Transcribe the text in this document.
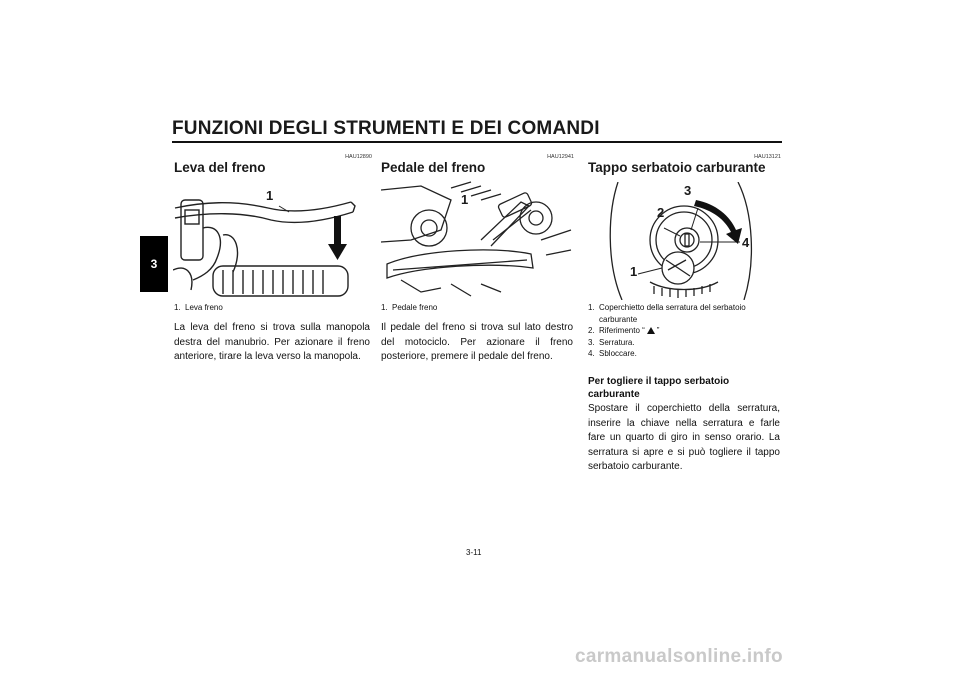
FUNZIONI DEGLI STRUMENTI E DEI COMANDI
3
HAU12890
Leva del freno
1
1. Leva freno
La leva del freno si trova sulla manopola destra del manubrio. Per azionare il freno anteriore, tirare la leva verso la manopola.
HAU12941
Pedale del freno
1
1. Pedale freno
Il pedale del freno si trova sul lato destro del motociclo. Per azionare il freno posteriore, premere il pedale del freno.
HAU13121
Tappo serbatoio carburante
1
2
3
4
1. Coperchietto della serratura del serbatoio
carburante
2. Riferimento “ ”
3. Serratura.
4. Sbloccare.
Per togliere il tappo serbatoio carburante
Spostare il coperchietto della serratura, inserire la chiave nella serratura e farle fare un quarto di giro in senso orario. La serratura si apre e si può togliere il tappo serbatoio carburante.
3-11
carmanualsonline.info
